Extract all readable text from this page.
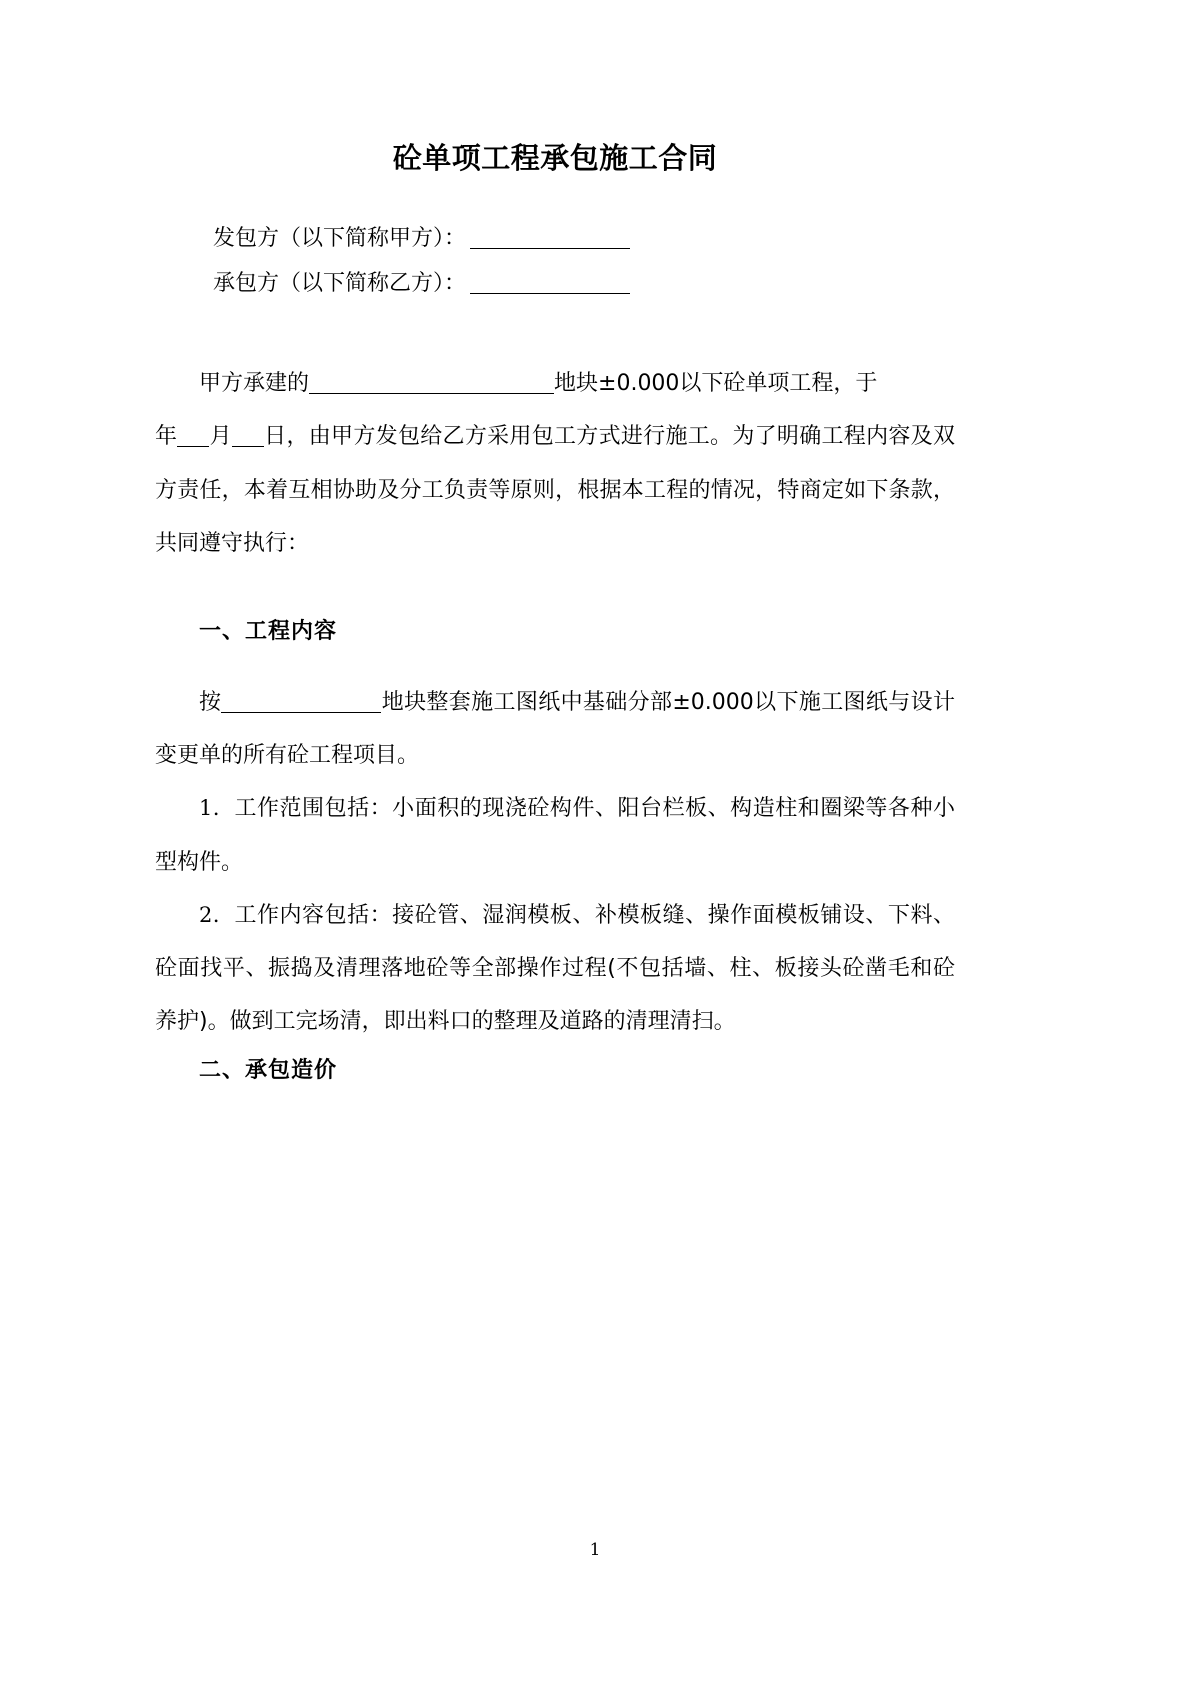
砼单项工程承包施工合同

发包方（以下简称甲方）：

承包方（以下简称乙方）：

甲方承建的	地块±0.000以下砼单项工程，于

年 月 日，由甲方发包给乙方采用包工方式进行施工。为了明确工程内容及双方责任，本着互相协助及分工负责等原则，根据本工程的情况，特商定如下条款，共同遵守执行：

一、工程内容

按	地块整套施工图纸中基础分部±0.000以下施工图纸与设计变更单的所有砼工程项目。

1．工作范围包括：小面积的现浇砼构件、阳台栏板、构造柱和圈梁等各种小型构件。

2．工作内容包括：接砼管、湿润模板、补模板缝、操作面模板铺设、下料、砼面找平、振捣及清理落地砼等全部操作过程(不包括墙、柱、板接头砼凿毛和砼养护)。做到工完场清，即出料口的整理及道路的清理清扫。

二、承包造价
1
